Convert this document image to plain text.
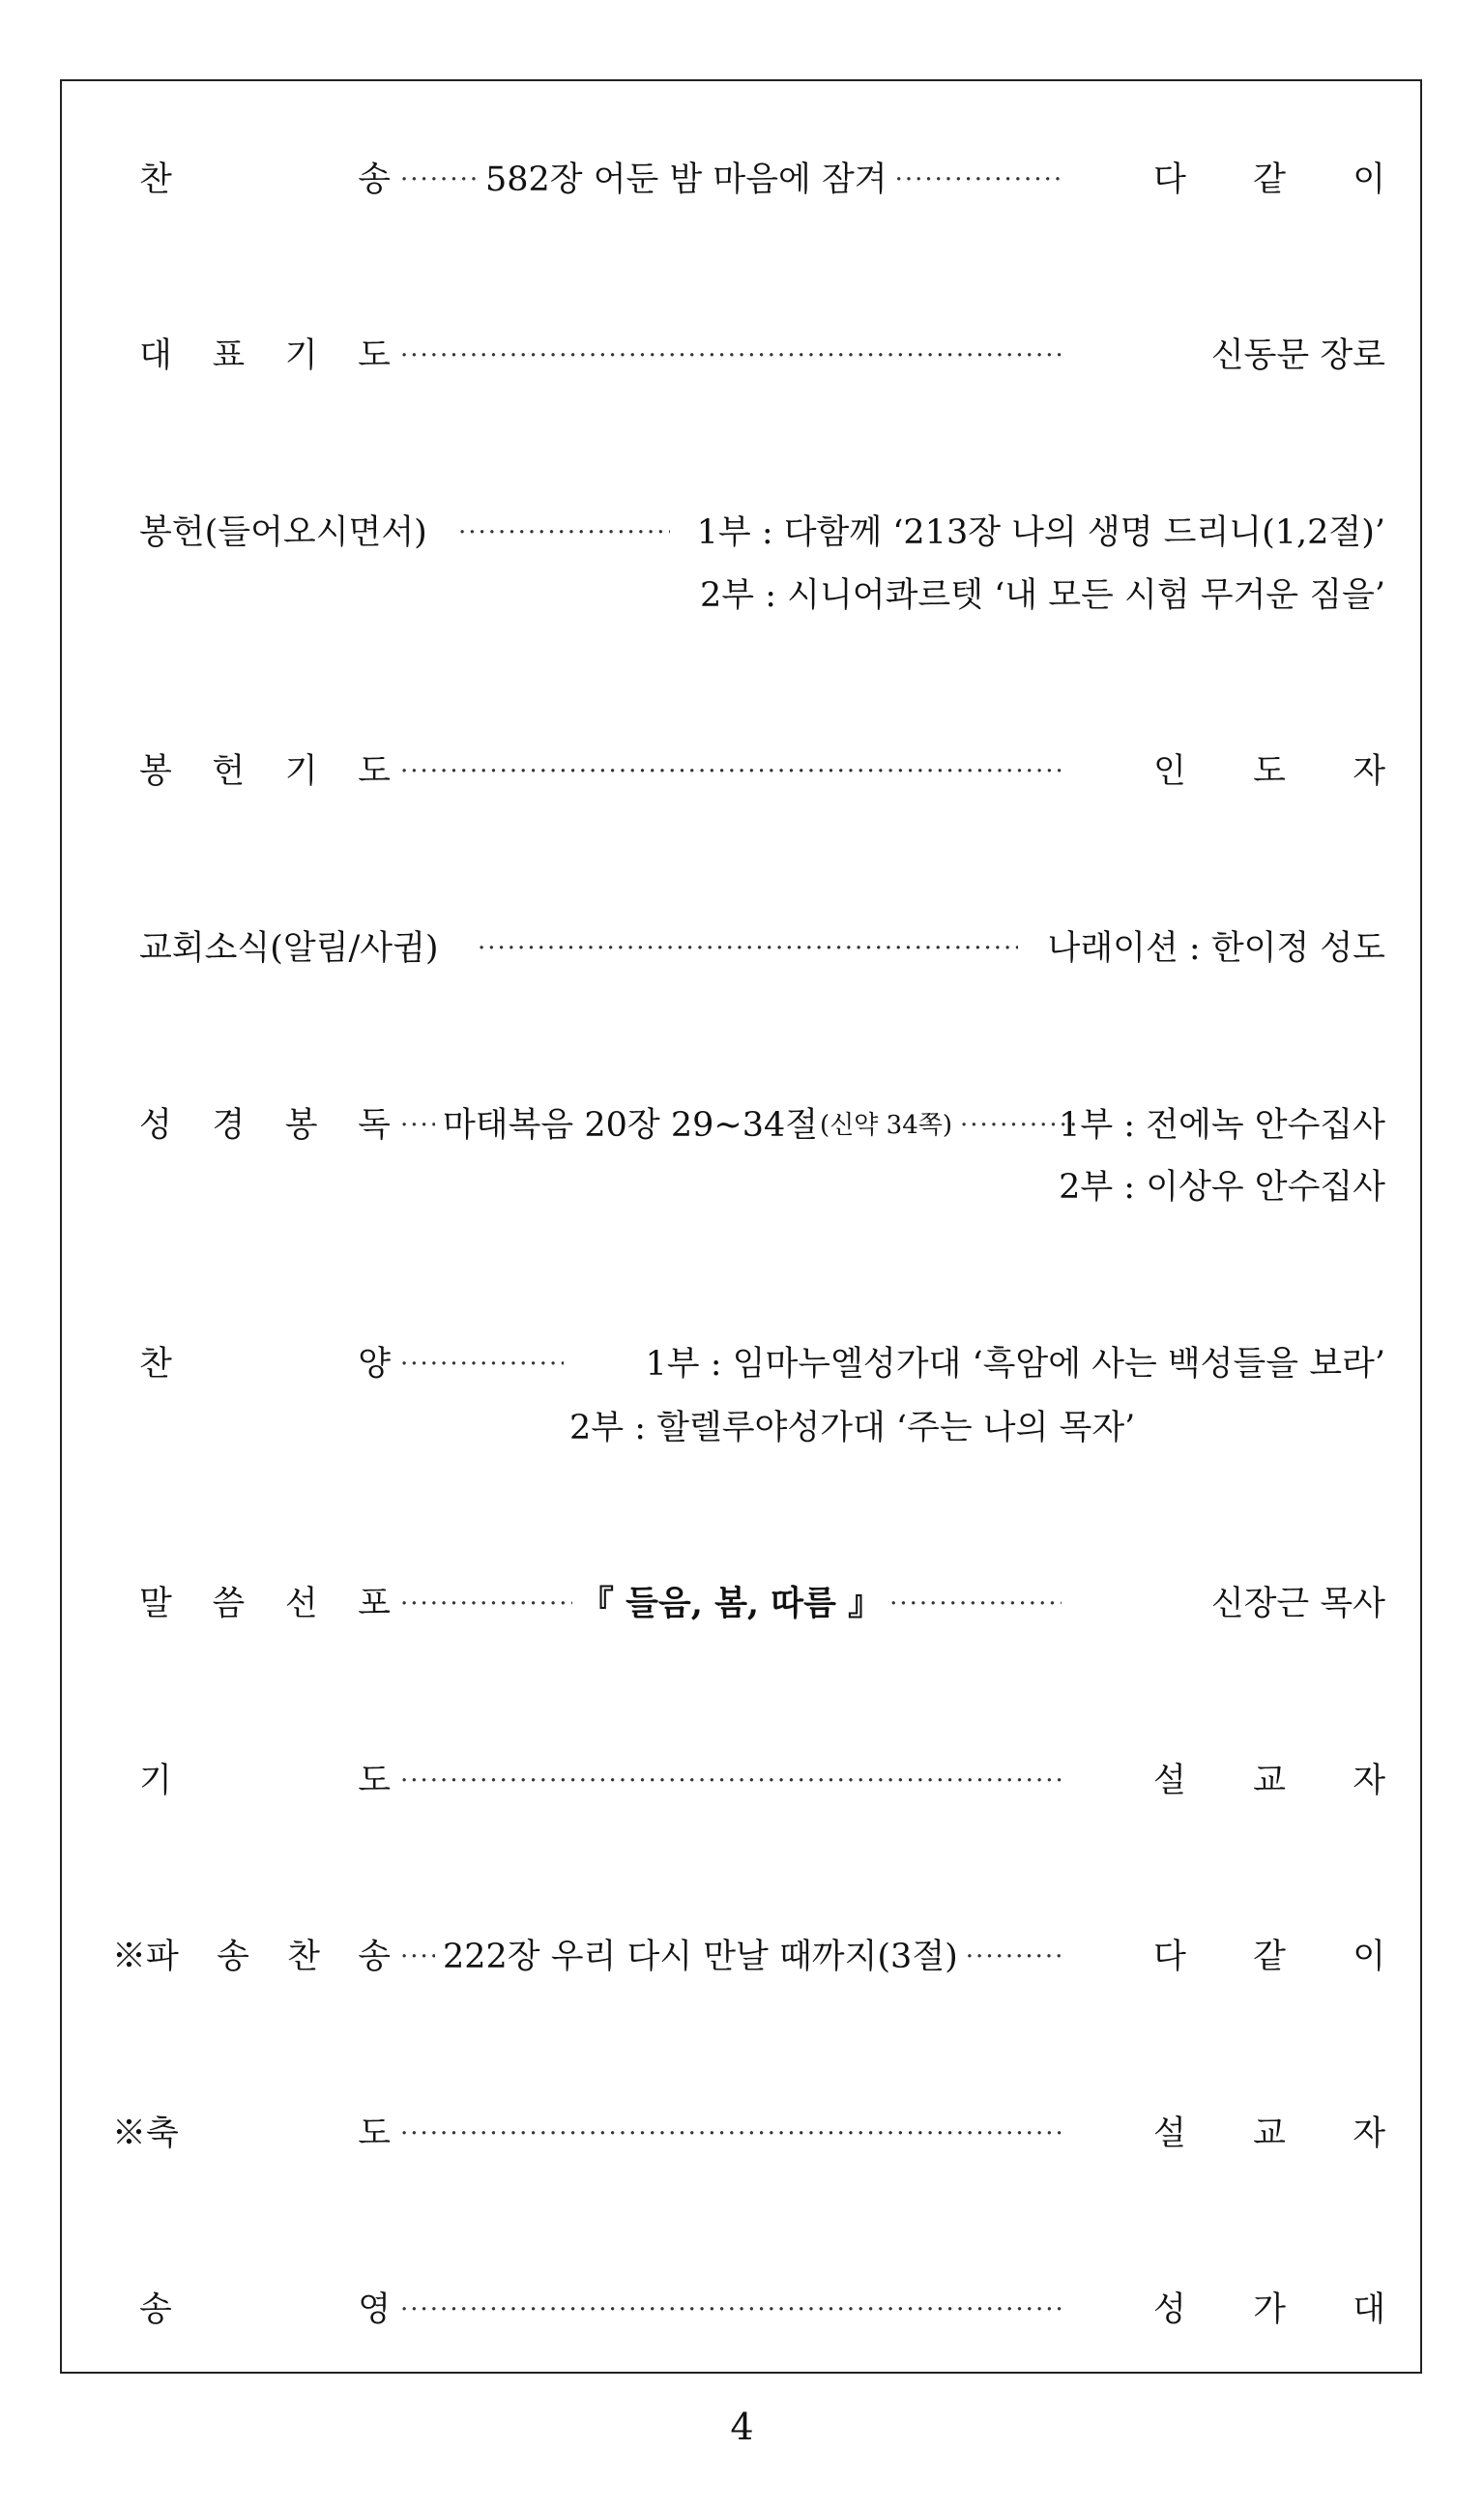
찬	송 ·····	582장 어둔 밤 마음에 잠겨 ·····	다 같 이
대 표 기 도 ·····	신동문 장로
봉헌(들어오시면서) ·····	1부 : 다함께 ‘213장 나의 생명 드리니(1,2절)’
2부 : 시니어콰르텟 ‘내 모든 시험 무거운 짐을’
봉 헌 기 도 ·····	인 도 자
교회소식(알림/사귐) ·····	나래이션 : 한이정 성도
성 경 봉 독 ····· 마태복음 20장 29~34절 (신약 34쪽) ·····	1부 : 전에녹 안수집사
2부 : 이상우 안수집사
찬	양 ·····	1부 : 임마누엘성가대 ‘흑암에 사는 백성들을 보라’
2부 : 할렐루야성가대 ‘주는 나의 목자’
말 씀 선 포 ·····	『 들음, 봄, 따름 』 ·····	신장근 목사
기	도 ·····	설 교 자
※파 송 찬 송 ····· 222장 우리 다시 만날 때까지(3절) ·····	다 같 이
※축	도 ·····	설 교 자
송	영 ·····	성 가 대
4
